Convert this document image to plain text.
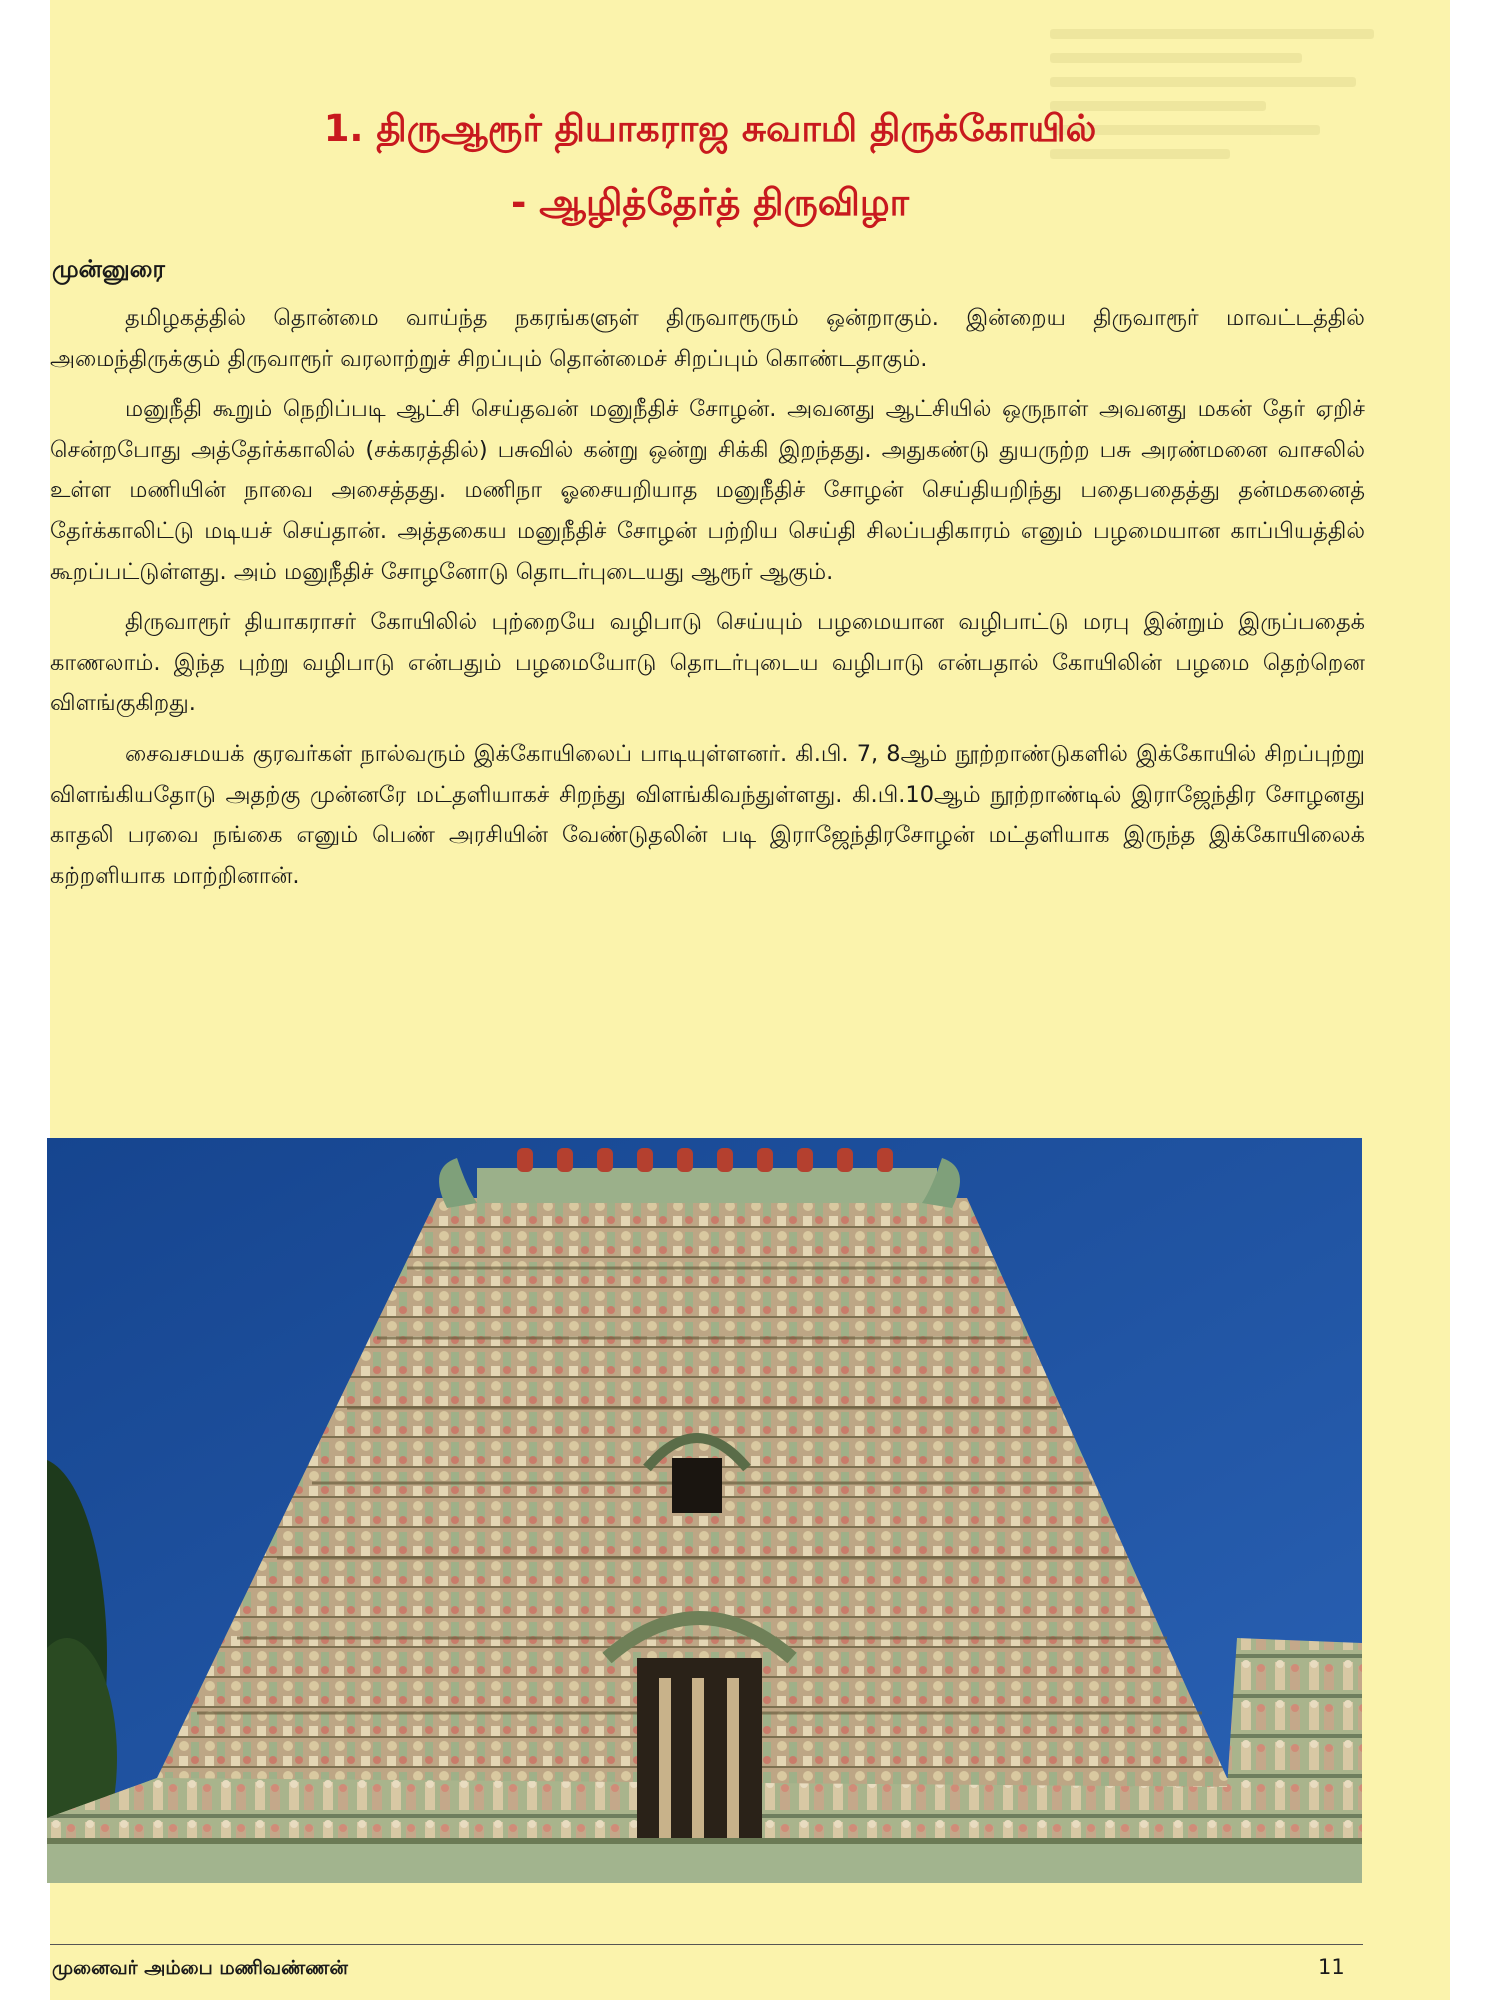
1. திருஆரூர் தியாகராஜ சுவாமி திருக்கோயில்
- ஆழித்தேர்த் திருவிழா
முன்னுரை

தமிழகத்தில் தொன்மை வாய்ந்த நகரங்களுள் திருவாரூரும் ஒன்றாகும். இன்றைய திருவாரூர் மாவட்டத்தில் அமைந்திருக்கும் திருவாரூர் வரலாற்றுச் சிறப்பும் தொன்மைச் சிறப்பும் கொண்டதாகும்.

மனுநீதி கூறும் நெறிப்படி ஆட்சி செய்தவன் மனுநீதிச் சோழன். அவனது ஆட்சியில் ஒருநாள் அவனது மகன் தேர் ஏறிச் சென்றபோது அத்தேர்க்காலில் (சக்கரத்தில்) பசுவில் கன்று ஒன்று சிக்கி இறந்தது. அதுகண்டு துயருற்ற பசு அரண்மனை வாசலில் உள்ள மணியின் நாவை அசைத்தது. மணிநா ஓசையறியாத மனுநீதிச் சோழன் செய்தியறிந்து பதைபதைத்து தன்மகனைத் தேர்க்காலிட்டு மடியச் செய்தான். அத்தகைய மனுநீதிச் சோழன் பற்றிய செய்தி சிலப்பதிகாரம் எனும் பழமையான காப்பியத்தில் கூறப்பட்டுள்ளது. அம் மனுநீதிச் சோழனோடு தொடர்புடையது ஆரூர் ஆகும்.

திருவாரூர் தியாகராசர் கோயிலில் புற்றையே வழிபாடு செய்யும் பழமையான வழிபாட்டு மரபு இன்றும் இருப்பதைக் காணலாம். இந்த புற்று வழிபாடு என்பதும் பழமையோடு தொடர்புடைய வழிபாடு என்பதால் கோயிலின் பழமை தெற்றென விளங்குகிறது.

சைவசமயக் குரவர்கள் நால்வரும் இக்கோயிலைப் பாடியுள்ளனர். கி.பி. 7, 8ஆம் நூற்றாண்டுகளில் இக்கோயில் சிறப்புற்று விளங்கியதோடு அதற்கு முன்னரே மட்தளியாகச் சிறந்து விளங்கிவந்துள்ளது. கி.பி.10ஆம் நூற்றாண்டில் இராஜேந்திர சோழனது காதலி பரவை நங்கை எனும் பெண் அரசியின் வேண்டுதலின் படி இராஜேந்திரசோழன் மட்தளியாக இருந்த இக்கோயிலைக் கற்றளியாக மாற்றினான்.

முனைவர் அம்பை மணிவண்ணன்	11
